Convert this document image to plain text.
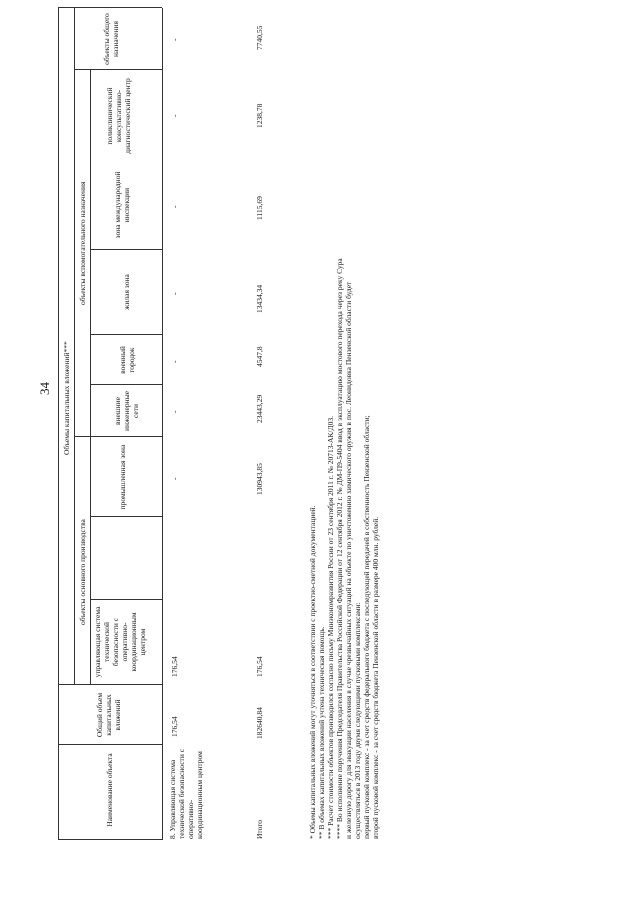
34
Наименование объекта
Общий объем капитальных вложений
Объемы капитальных вложений***
объекты основного производства
объекты вспомогательного назначения
объекты общего назначения
управляющая система технической безопасности с оперативно-координационным центром
промышленная зона
внешние инженерные сети
военный городок
жилая зона
зона международной инспекции
поликлинический консультативно-диагностический центр
8. Управляющая система технической безопасности с оперативно-координационным центром
176,54
176,54
-
-
-
-
-
-
-
Итого
182640,84
176,54
130943,85
23443,29
4547,8
13434,34
1115,69
1238,78
7740,55
* Объемы капитальных вложений могут уточняться в соответствии с проектно-сметной документацией. ** В объемах капитальных вложений учтена техническая помощь. *** Расчет стоимости объектов производился согласно письму Минэкономразвития России от 23 сентября 2011 г. № 20713-АК/Д03. **** Во исполнение поручения Председателя Правительства Российской Федерации от 12 сентября 2012 г. № ДМ-П9-5404 ввод в эксплуатацию мостового перехода через реку Сура и железную дорогу для эвакуации населения в случае чрезвычайных ситуаций на объекте по уничтожению химического оружия в пос. Леонидовка Пензенской области будет осуществляться в 2013 году двумя следующими пусковыми комплексами: первый пусковой комплекс - за счет средств федерального бюджета с последующей передачей в собственность Пензенской области; второй пусковой комплекс - за счет средств бюджета Пензенской области в размере 400 млн. рублей.
